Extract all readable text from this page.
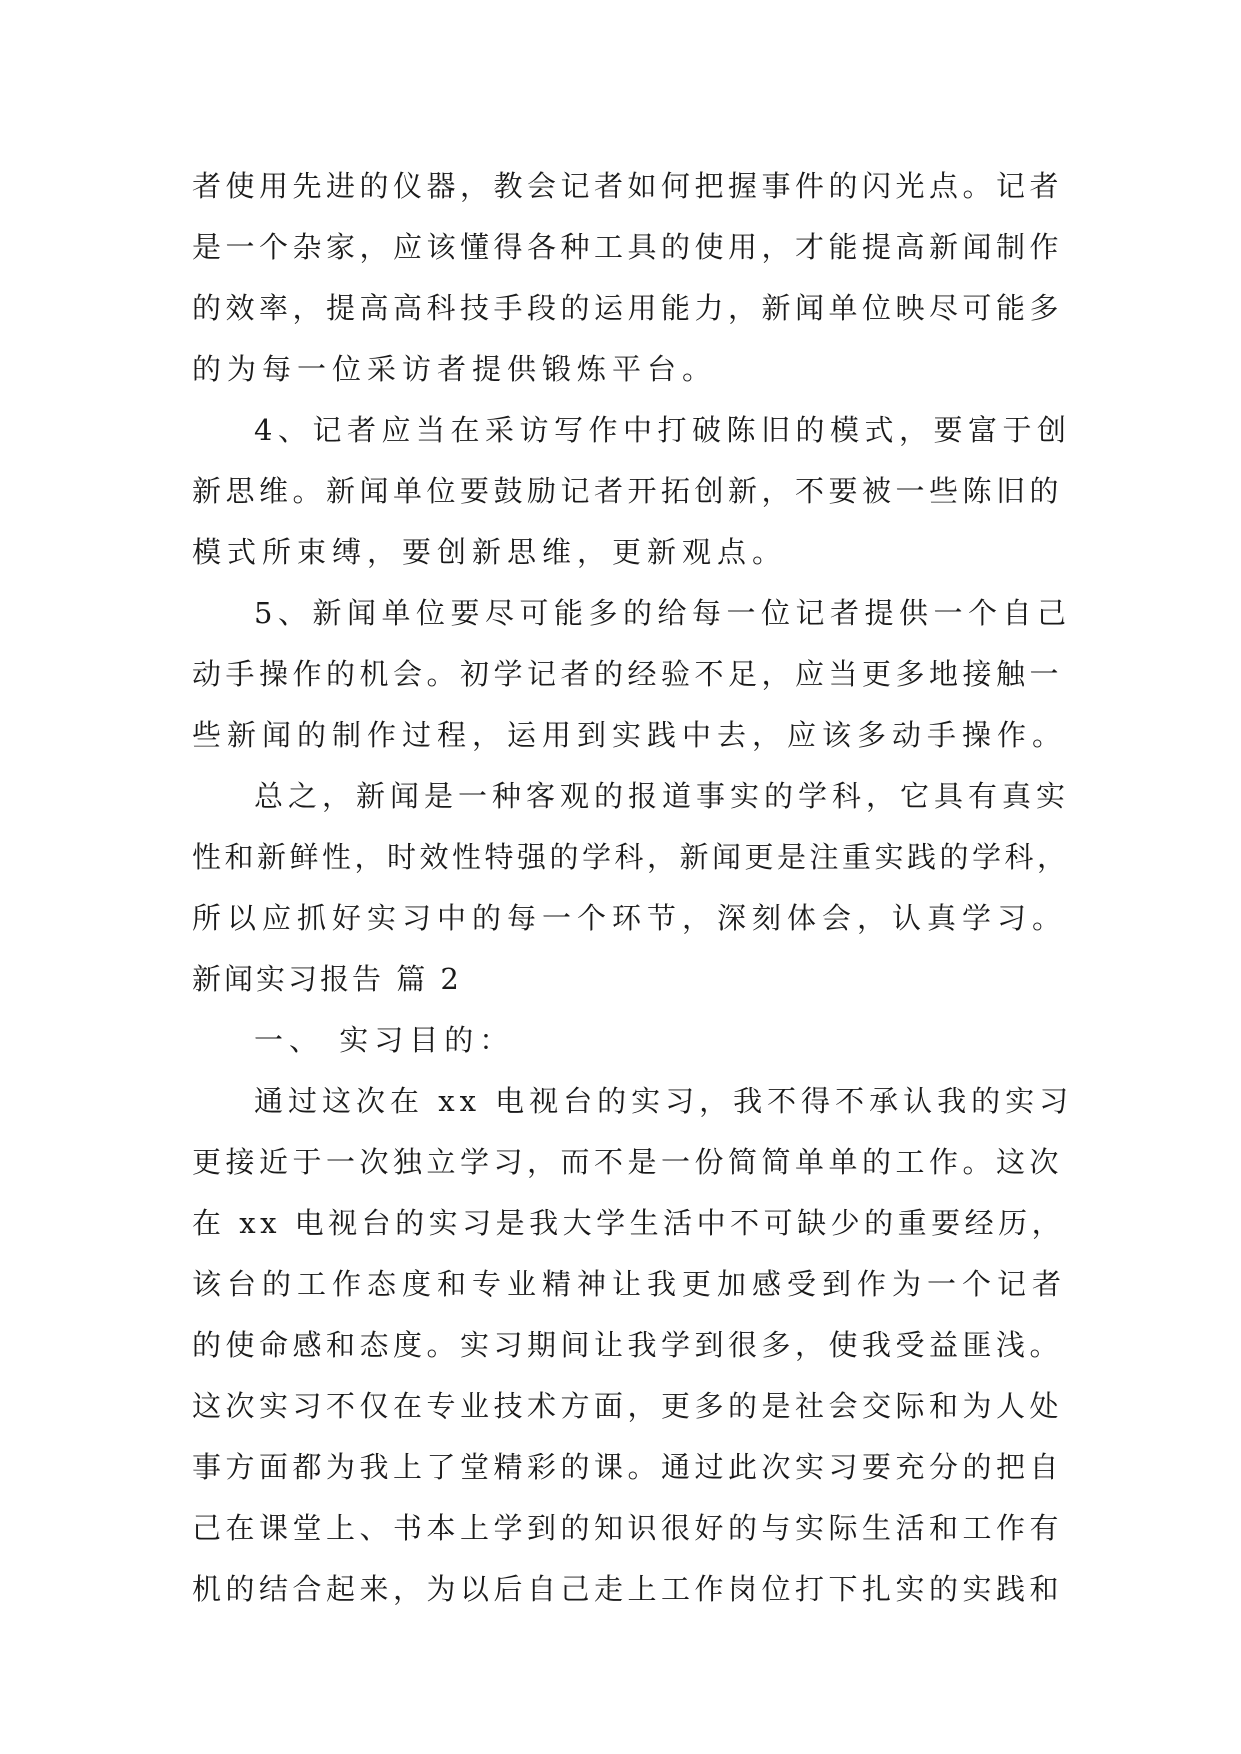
者使用先进的仪器，教会记者如何把握事件的闪光点。记者
是一个杂家，应该懂得各种工具的使用，才能提高新闻制作
的效率，提高高科技手段的运用能力，新闻单位映尽可能多
的为每一位采访者提供锻炼平台。
4、记者应当在采访写作中打破陈旧的模式，要富于创
新思维。新闻单位要鼓励记者开拓创新，不要被一些陈旧的
模式所束缚，要创新思维，更新观点。
5、新闻单位要尽可能多的给每一位记者提供一个自己
动手操作的机会。初学记者的经验不足，应当更多地接触一
些新闻的制作过程，运用到实践中去，应该多动手操作。
总之，新闻是一种客观的报道事实的学科，它具有真实
性和新鲜性，时效性特强的学科，新闻更是注重实践的学科，
所以应抓好实习中的每一个环节，深刻体会，认真学习。
新闻实习报告 篇 2
一、 实习目的：
通过这次在 xx 电视台的实习，我不得不承认我的实习
更接近于一次独立学习，而不是一份简简单单的工作。这次
在 xx 电视台的实习是我大学生活中不可缺少的重要经历，
该台的工作态度和专业精神让我更加感受到作为一个记者
的使命感和态度。实习期间让我学到很多，使我受益匪浅。
这次实习不仅在专业技术方面，更多的是社会交际和为人处
事方面都为我上了堂精彩的课。通过此次实习要充分的把自
己在课堂上、书本上学到的知识很好的与实际生活和工作有
机的结合起来，为以后自己走上工作岗位打下扎实的实践和
